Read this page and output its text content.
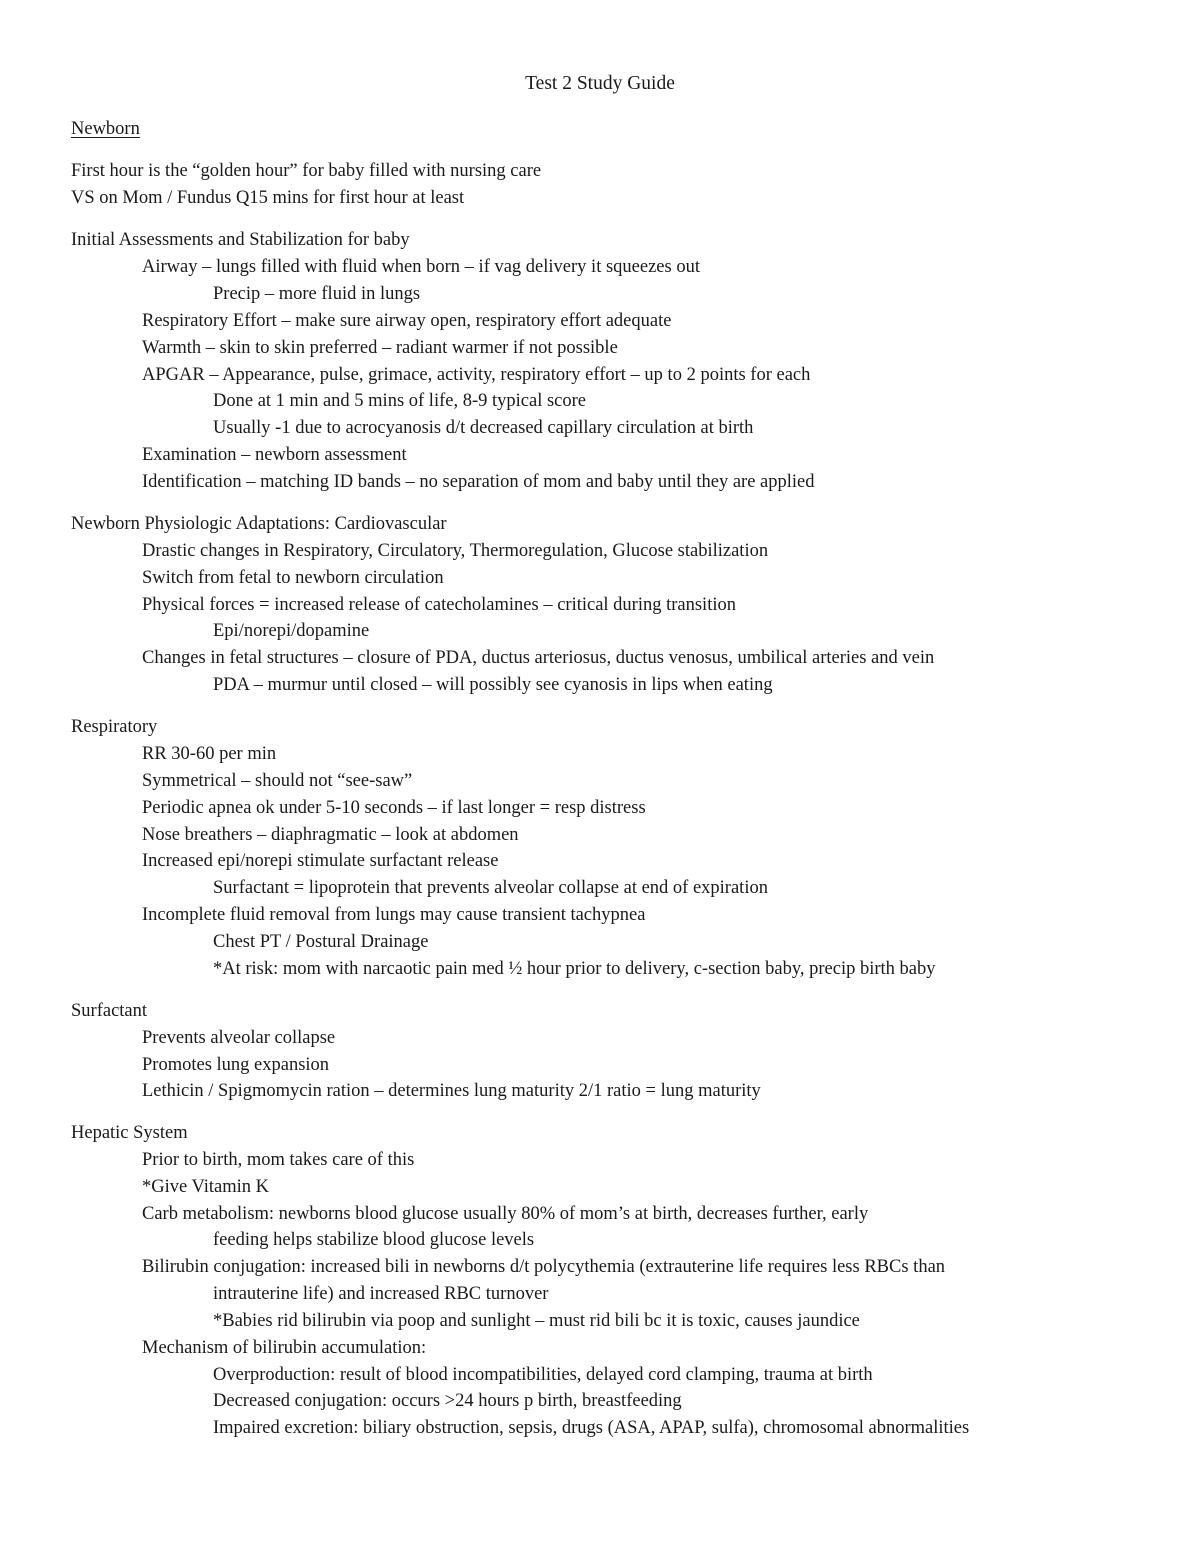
Test 2 Study Guide
Newborn
First hour is the “golden hour” for baby filled with nursing care
VS on Mom / Fundus Q15 mins for first hour at least
Initial Assessments and Stabilization for baby
Airway – lungs filled with fluid when born – if vag delivery it squeezes out
Precip – more fluid in lungs
Respiratory Effort – make sure airway open, respiratory effort adequate
Warmth – skin to skin preferred – radiant warmer if not possible
APGAR – Appearance, pulse, grimace, activity, respiratory effort – up to 2 points for each
Done at 1 min and 5 mins of life, 8-9 typical score
Usually -1 due to acrocyanosis d/t decreased capillary circulation at birth
Examination – newborn assessment
Identification – matching ID bands – no separation of mom and baby until they are applied
Newborn Physiologic Adaptations: Cardiovascular
Drastic changes in Respiratory, Circulatory, Thermoregulation, Glucose stabilization
Switch from fetal to newborn circulation
Physical forces = increased release of catecholamines – critical during transition
Epi/norepi/dopamine
Changes in fetal structures – closure of PDA, ductus arteriosus, ductus venosus, umbilical arteries and vein
PDA – murmur until closed – will possibly see cyanosis in lips when eating
Respiratory
RR 30-60 per min
Symmetrical – should not “see-saw”
Periodic apnea ok under 5-10 seconds – if last longer = resp distress
Nose breathers – diaphragmatic – look at abdomen
Increased epi/norepi stimulate surfactant release
Surfactant = lipoprotein that prevents alveolar collapse at end of expiration
Incomplete fluid removal from lungs may cause transient tachypnea
Chest PT / Postural Drainage
*At risk: mom with narcaotic pain med ½ hour prior to delivery, c-section baby, precip birth baby
Surfactant
Prevents alveolar collapse
Promotes lung expansion
Lethicin / Spigmomycin ration – determines lung maturity 2/1 ratio = lung maturity
Hepatic System
Prior to birth, mom takes care of this
*Give Vitamin K
Carb metabolism: newborns blood glucose usually 80% of mom’s at birth, decreases further, early
feeding helps stabilize blood glucose levels
Bilirubin conjugation: increased bili in newborns d/t polycythemia (extrauterine life requires less RBCs than
intrauterine life) and increased RBC turnover
*Babies rid bilirubin via poop and sunlight – must rid bili bc it is toxic, causes jaundice
Mechanism of bilirubin accumulation:
Overproduction: result of blood incompatibilities, delayed cord clamping, trauma at birth
Decreased conjugation: occurs >24 hours p birth, breastfeeding
Impaired excretion: biliary obstruction, sepsis, drugs (ASA, APAP, sulfa), chromosomal abnormalities
